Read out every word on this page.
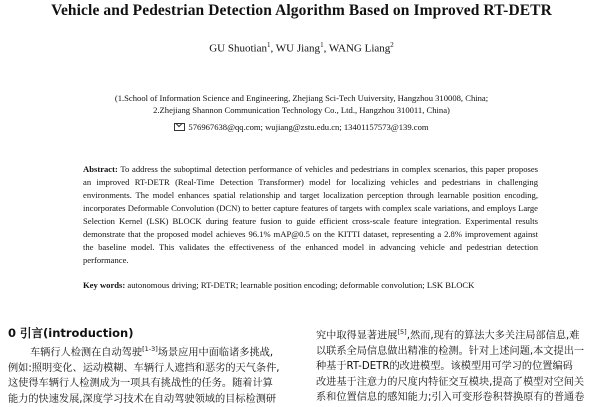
Vehicle and Pedestrian Detection Algorithm Based on Improved RT-DETR
GU Shuotian$^1$, WU Jiang$^1$, WANG Liang$^2$
(1.School of Information Science and Engineering, Zhejiang Sci-Tech Uuiversity, Hangzhou 310008, China;
2.Zhejiang Shannon Communication Technology Co., Ltd., Hangzhou 310011, China)
576967638@qq.com; wujiang@zstu.edu.cn; 13401157573@139.com
Abstract: To address the suboptimal detection performance of vehicles and pedestrians in complex scenarios, this paper proposes an improved RT-DETR (Real-Time Detection Transformer) model for localizing vehicles and pedestrians in challenging environments. The model enhances spatial relationship and target localization perception through learnable position encoding, incorporates Deformable Convolution (DCN) to better capture features of targets with complex scale variations, and employs Large Selection Kernel (LSK) BLOCK during feature fusion to guide efficient cross-scale feature integration. Experimental results demonstrate that the proposed model achieves 96.1% mAP@0.5 on the KITTI dataset, representing a 2.8% improvement against the baseline model. This validates the effectiveness of the enhanced model in advancing vehicle and pedestrian detection performance.
Key words: autonomous driving; RT-DETR; learnable position encoding; deformable convolution; LSK BLOCK
0 引言(introduction)

车辆行人检测在自动驾驶[1-3]场景应用中面临诸多挑战,

例如:照明变化、运动模糊、车辆行人遮挡和恶劣的天气条件,

这使得车辆行人检测成为一项具有挑战性的任务。随着计算

能力的快速发展,深度学习技术在自动驾驶领域的目标检测研

究中取得显著进展[5],然而,现有的算法大多关注局部信息,难

以联系全局信息做出精准的检测。针对上述问题,本文提出一

种基于RT-DETR的改进模型。该模型用可学习的位置编码

改进基于注意力的尺度内特征交互模块,提高了模型对空间关

系和位置信息的感知能力;引入可变形卷积替换原有的普通卷
